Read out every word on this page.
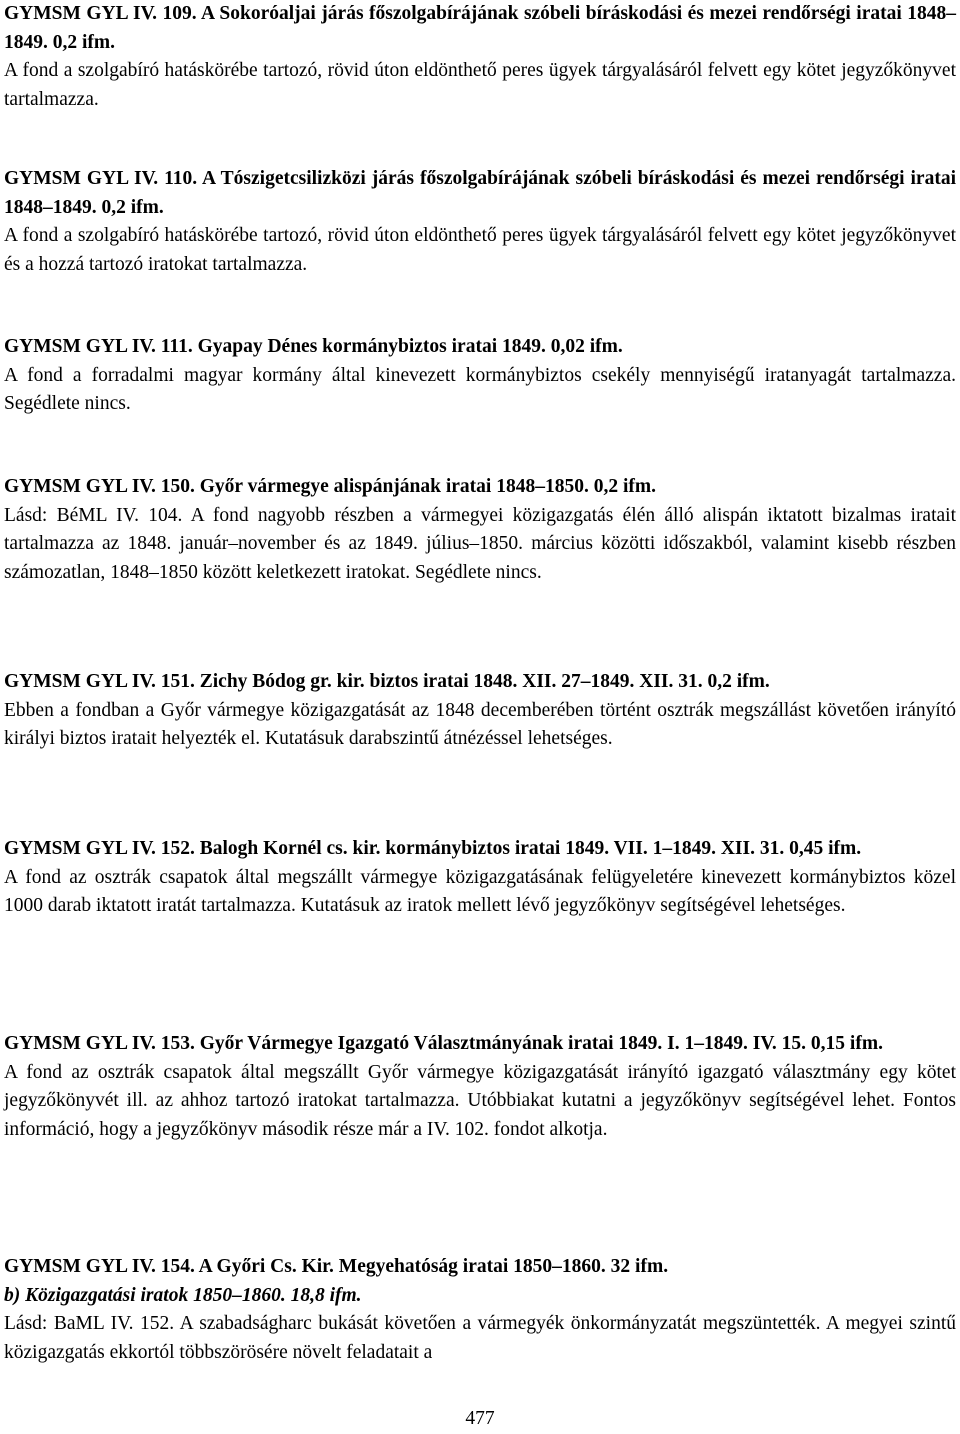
GYMSM GYL IV. 109. A Sokoróaljai járás főszolgabírájának szóbeli bíráskodási és mezei rendőrségi iratai 1848–1849. 0,2 ifm.

A fond a szolgabíró hatáskörébe tartozó, rövid úton eldönthető peres ügyek tárgyalásáról felvett egy kötet jegyzőkönyvet tartalmazza.

GYMSM GYL IV. 110. A Tószigetcsilizközi járás főszolgabírájának szóbeli bíráskodási és mezei rendőrségi iratai 1848–1849. 0,2 ifm.

A fond a szolgabíró hatáskörébe tartozó, rövid úton eldönthető peres ügyek tárgyalásáról felvett egy kötet jegyzőkönyvet és a hozzá tartozó iratokat tartalmazza.

GYMSM GYL IV. 111. Gyapay Dénes kormánybiztos iratai 1849. 0,02 ifm.

A fond a forradalmi magyar kormány által kinevezett kormánybiztos csekély mennyiségű iratanyagát tartalmazza. Segédlete nincs.

GYMSM GYL IV. 150. Győr vármegye alispánjának iratai 1848–1850. 0,2 ifm.

Lásd: BéML IV. 104. A fond nagyobb részben a vármegyei közigazgatás élén álló alispán iktatott bizalmas iratait tartalmazza az 1848. január–november és az 1849. július–1850. március közötti időszakból, valamint kisebb részben számozatlan, 1848–1850 között keletkezett iratokat. Segédlete nincs.

GYMSM GYL IV. 151. Zichy Bódog gr. kir. biztos iratai 1848. XII. 27–1849. XII. 31. 0,2 ifm.

Ebben a fondban a Győr vármegye közigazgatását az 1848 decemberében történt osztrák megszállást követően irányító királyi biztos iratait helyezték el. Kutatásuk darabszintű átnézéssel lehetséges.

GYMSM GYL IV. 152. Balogh Kornél cs. kir. kormánybiztos iratai 1849. VII. 1–1849. XII. 31. 0,45 ifm.

A fond az osztrák csapatok által megszállt vármegye közigazgatásának felügyeletére kinevezett kormánybiztos közel 1000 darab iktatott iratát tartalmazza. Kutatásuk az iratok mellett lévő jegyzőkönyv segítségével lehetséges.

GYMSM GYL IV. 153. Győr Vármegye Igazgató Választmányának iratai 1849. I. 1–1849. IV. 15. 0,15 ifm.

A fond az osztrák csapatok által megszállt Győr vármegye közigazgatását irányító igazgató választmány egy kötet jegyzőkönyvét ill. az ahhoz tartozó iratokat tartalmazza. Utóbbiakat kutatni a jegyzőkönyv segítségével lehet. Fontos információ, hogy a jegyzőkönyv második része már a IV. 102. fondot alkotja.

GYMSM GYL IV. 154. A Győri Cs. Kir. Megyehatóság iratai 1850–1860. 32 ifm.

b) Közigazgatási iratok 1850–1860. 18,8 ifm.

Lásd: BaML IV. 152. A szabadságharc bukását követően a vármegyék önkormányzatát megszüntették. A megyei szintű közigazgatás ekkortól többszörösére növelt feladatait a

477
